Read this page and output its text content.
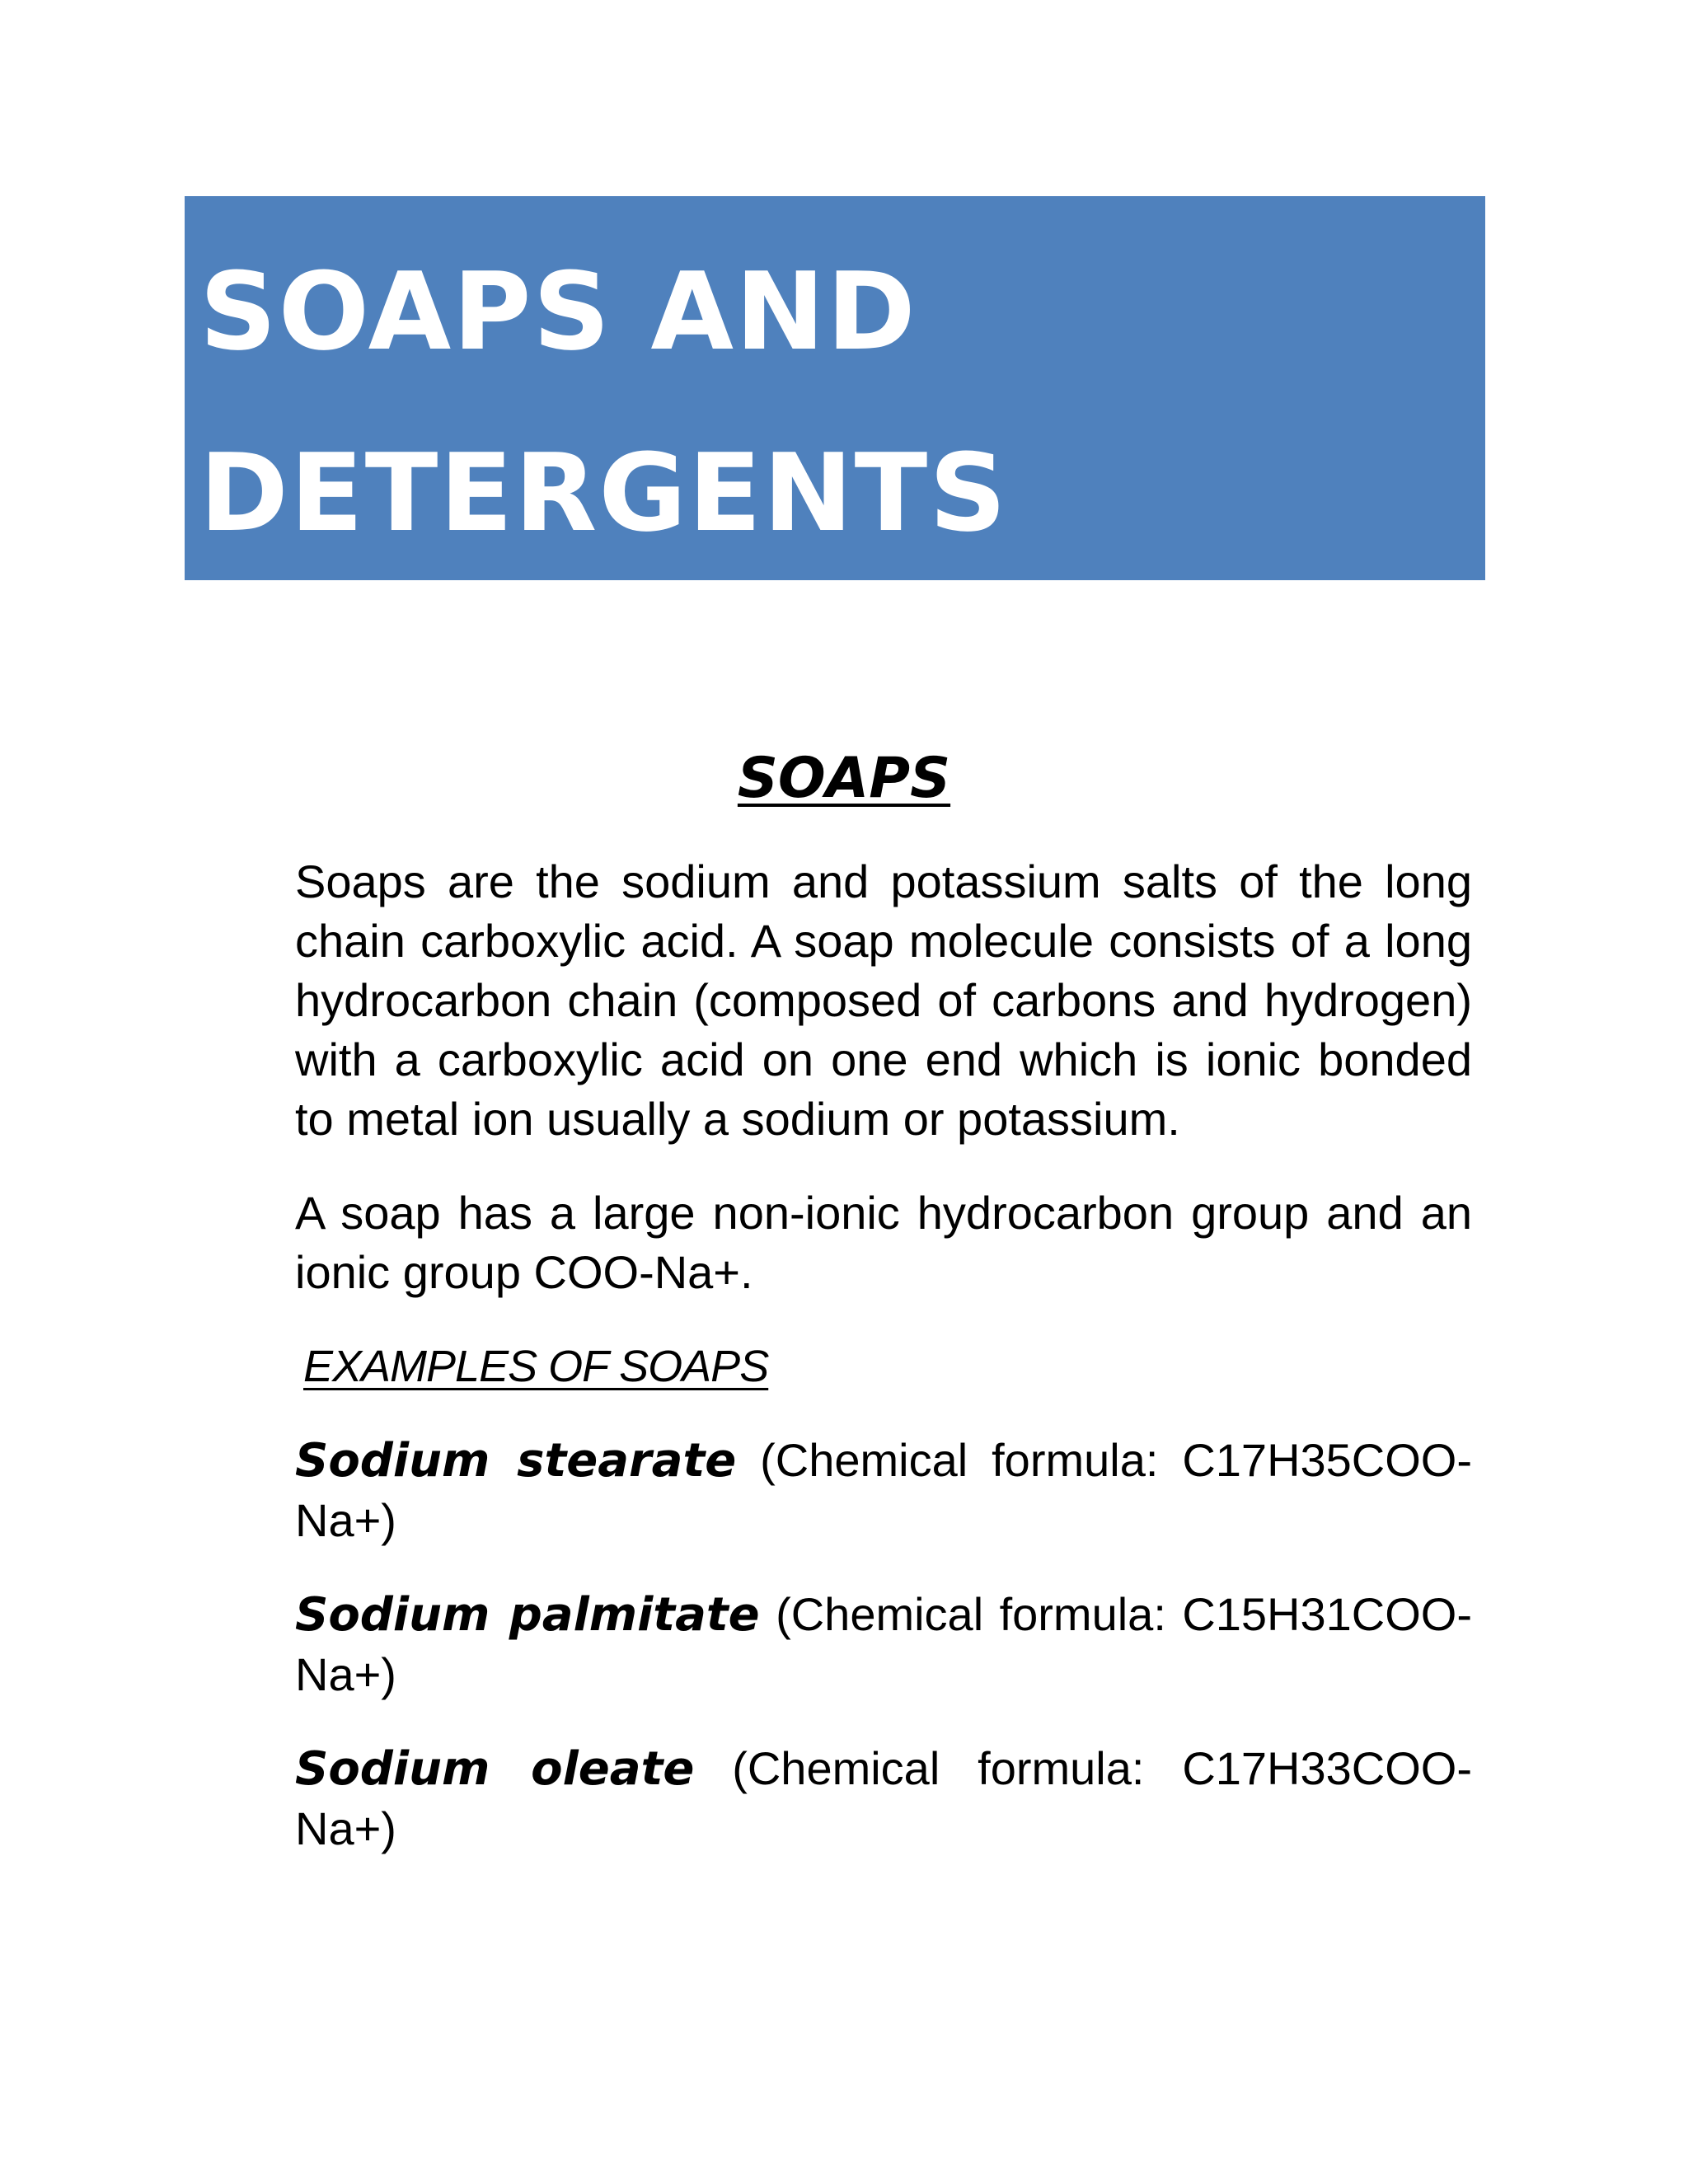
SOAPS AND
DETERGENTS
SOAPS

Soaps are the sodium and potassium salts of the long chain carboxylic acid. A soap molecule consists of a long hydrocarbon chain (composed of carbons and hydrogen) with a carboxylic acid on one end which is ionic bonded to metal ion usually a sodium or potassium.

A soap has a large non-ionic hydrocarbon group and an ionic group COO-Na+.

EXAMPLES OF SOAPS

Sodium stearate (Chemical formula: C17H35COO-Na+)

Sodium palmitate (Chemical formula: C15H31COO-Na+)

Sodium oleate (Chemical formula: C17H33COO-Na+)
